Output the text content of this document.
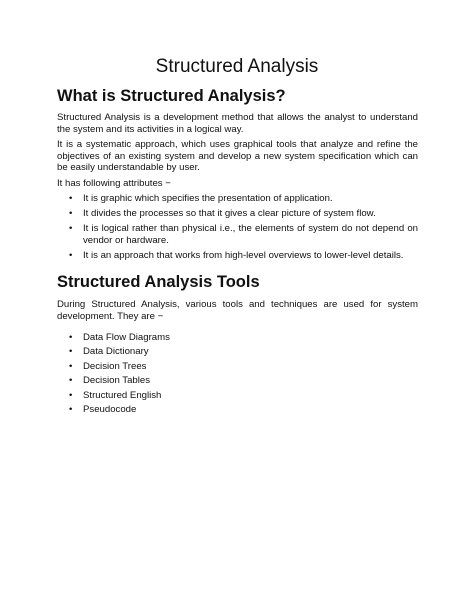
Structured Analysis
What is Structured Analysis?
Structured Analysis is a development method that allows the analyst to understand the system and its activities in a logical way.
It is a systematic approach, which uses graphical tools that analyze and refine the objectives of an existing system and develop a new system specification which can be easily understandable by user.
It has following attributes −
• It is graphic which specifies the presentation of application.
• It divides the processes so that it gives a clear picture of system flow.
• It is logical rather than physical i.e., the elements of system do not depend on vendor or hardware.
• It is an approach that works from high-level overviews to lower-level details.
Structured Analysis Tools
During Structured Analysis, various tools and techniques are used for system development. They are −
• Data Flow Diagrams
• Data Dictionary
• Decision Trees
• Decision Tables
• Structured English
• Pseudocode
